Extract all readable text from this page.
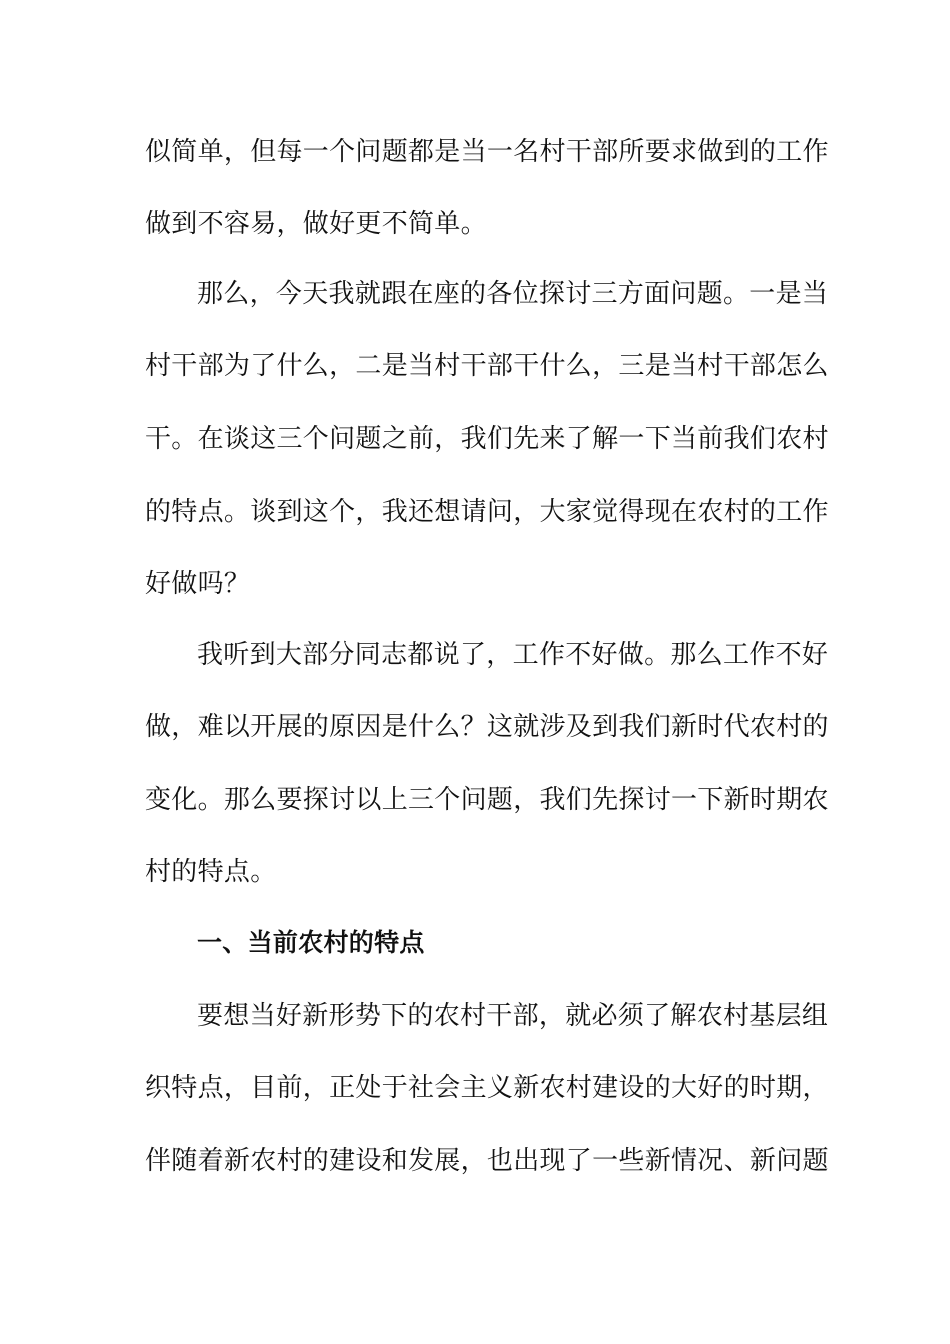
似简单，但每一个问题都是当一名村干部所要求做到的工作
做到不容易，做好更不简单。
那么，今天我就跟在座的各位探讨三方面问题。一是当
村干部为了什么，二是当村干部干什么，三是当村干部怎么
干。在谈这三个问题之前，我们先来了解一下当前我们农村
的特点。谈到这个，我还想请问，大家觉得现在农村的工作
好做吗？
我听到大部分同志都说了，工作不好做。那么工作不好
做，难以开展的原因是什么？这就涉及到我们新时代农村的
变化。那么要探讨以上三个问题，我们先探讨一下新时期农
村的特点。
一、当前农村的特点
要想当好新形势下的农村干部，就必须了解农村基层组
织特点，目前，正处于社会主义新农村建设的大好的时期，
伴随着新农村的建设和发展，也出现了一些新情况、新问题
